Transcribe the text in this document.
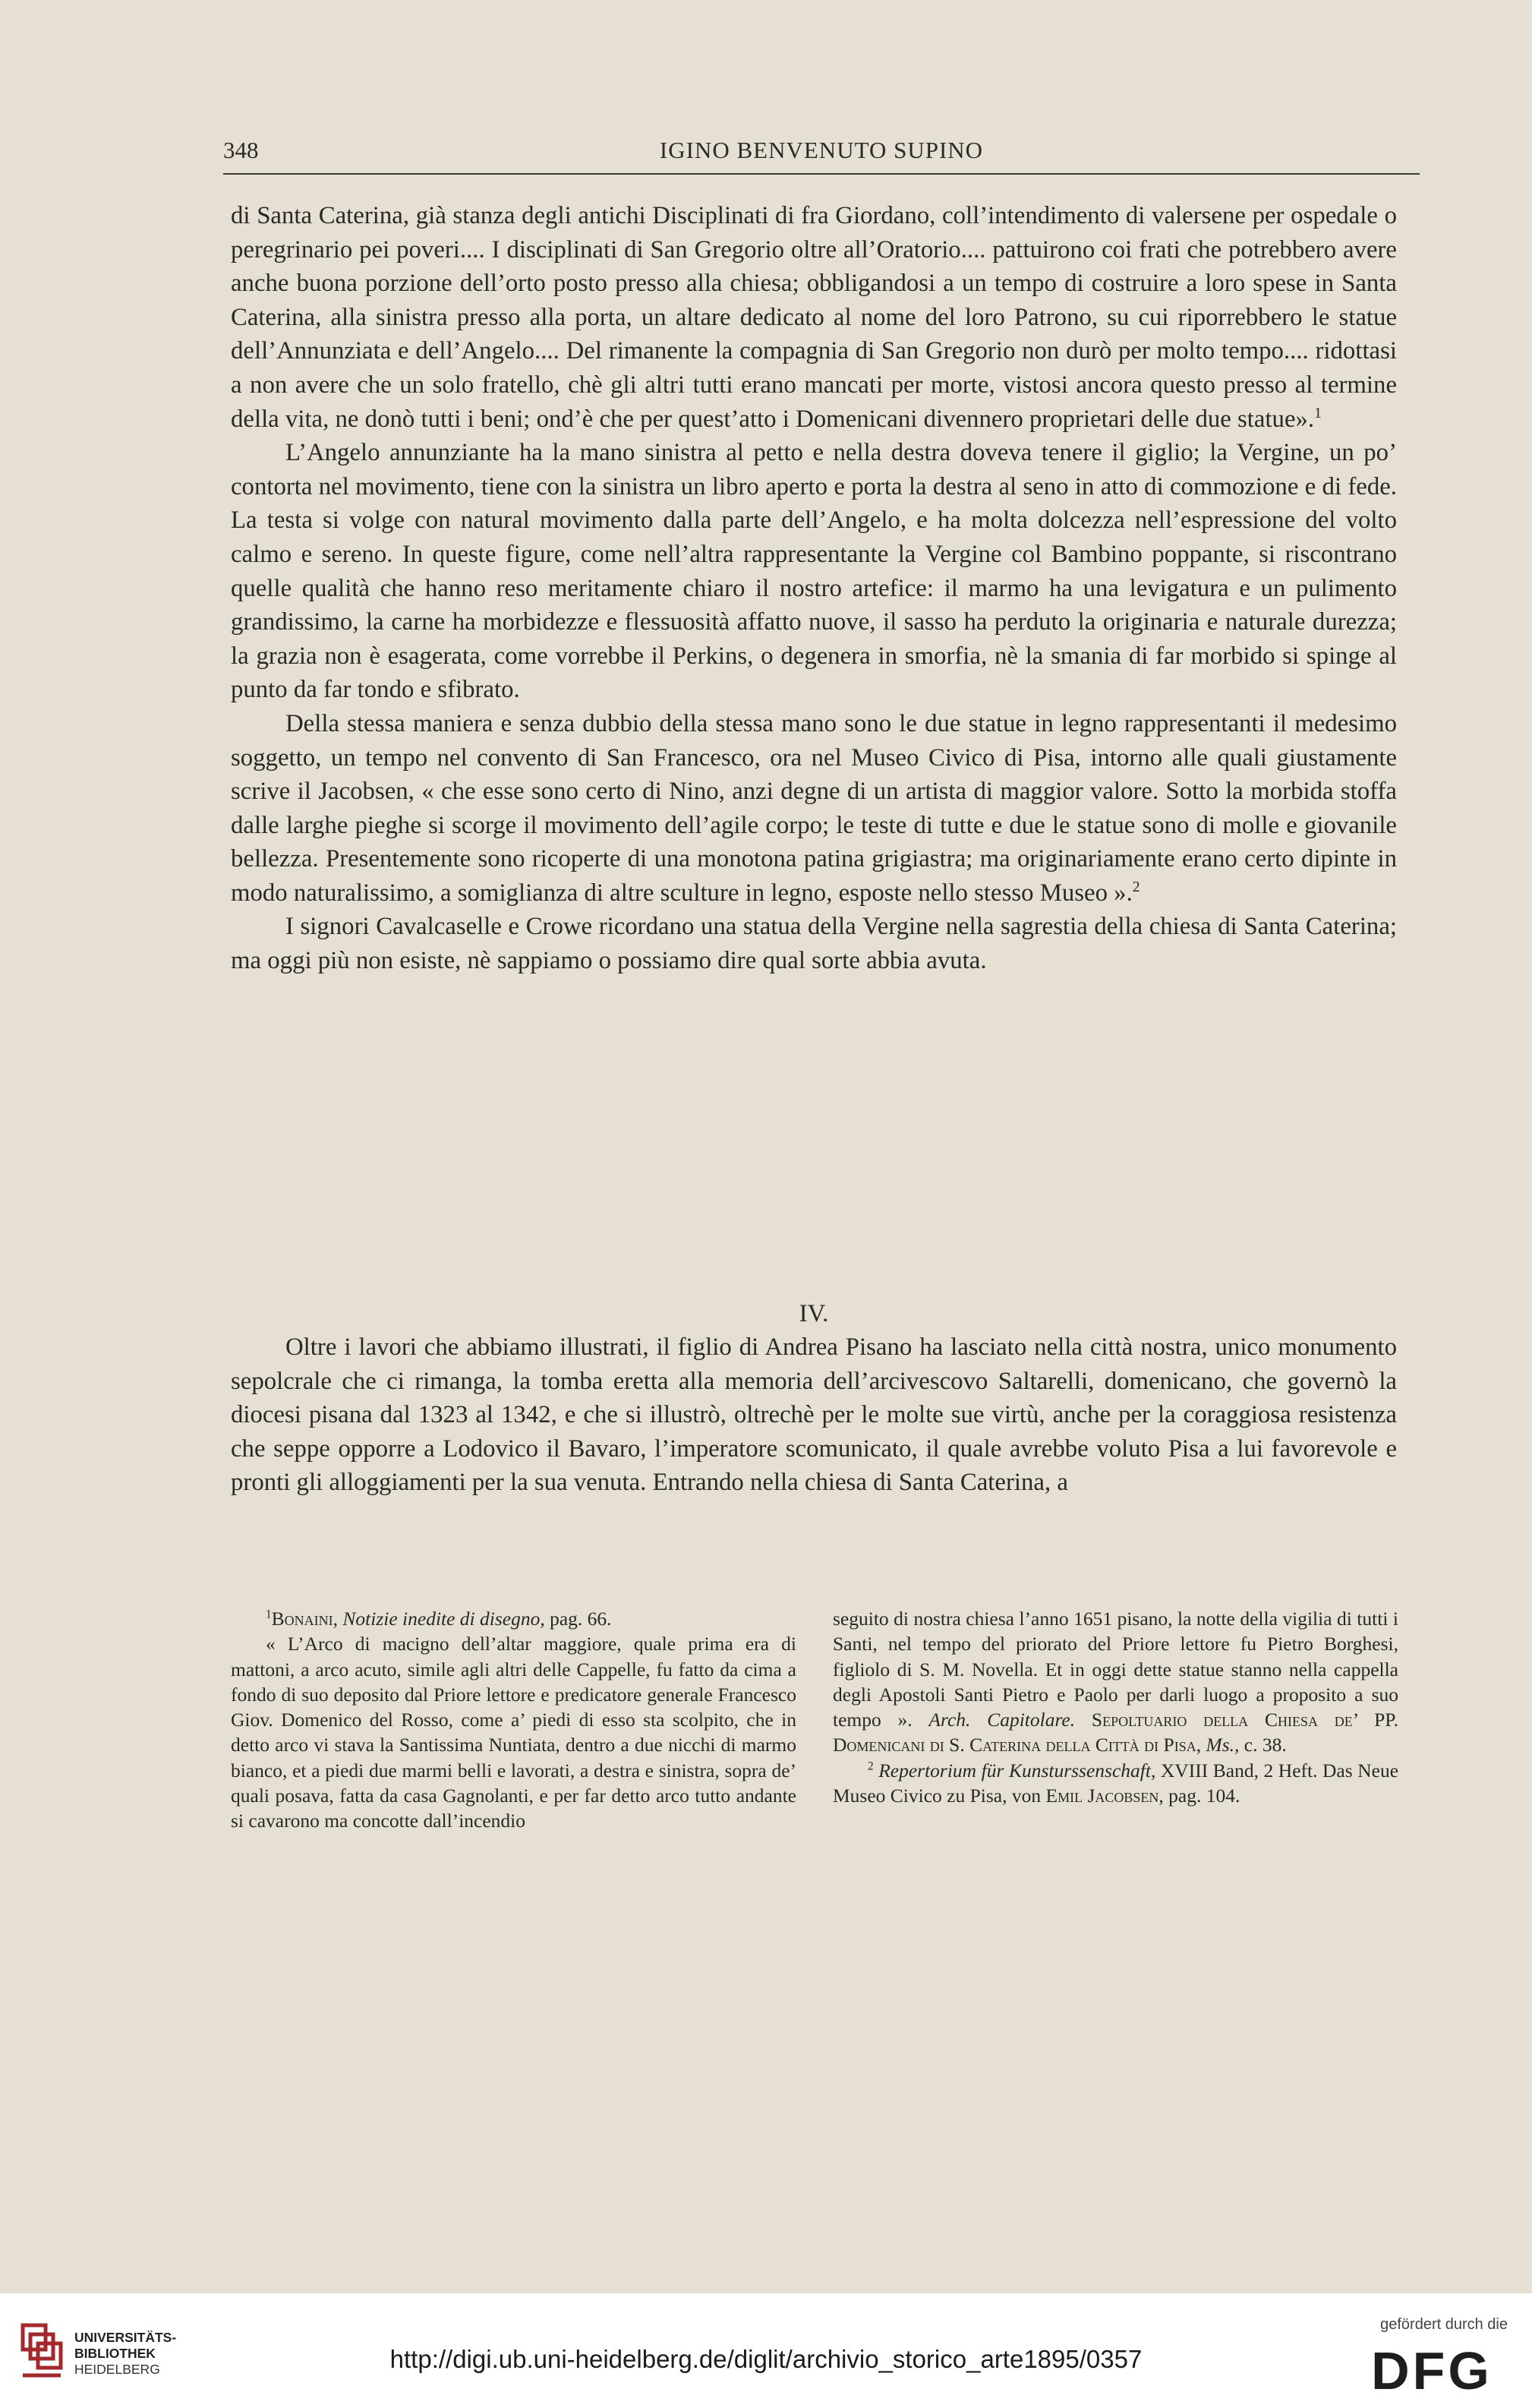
348	IGINO BENVENUTO SUPINO

di Santa Caterina, già stanza degli antichi Disciplinati di fra Giordano, coll’intendimento di valersene per ospedale o peregrinario pei poveri.... I disciplinati di San Gregorio oltre all’Oratorio.... pattuirono coi frati che potrebbero avere anche buona porzione dell’orto posto presso alla chiesa; obbligandosi a un tempo di costruire a loro spese in Santa Caterina, alla sinistra presso alla porta, un altare dedicato al nome del loro Patrono, su cui riporrebbero le statue dell’Annunziata e dell’Angelo.... Del rimanente la compagnia di San Gregorio non durò per molto tempo.... ridottasi a non avere che un solo fratello, chè gli altri tutti erano mancati per morte, vistosi ancora questo presso al termine della vita, ne donò tutti i beni; ond’è che per quest’atto i Domenicani divennero proprietari delle due statue».$^1$

L’Angelo annunziante ha la mano sinistra al petto e nella destra doveva tenere il giglio; la Vergine, un po’ contorta nel movimento, tiene con la sinistra un libro aperto e porta la destra al seno in atto di commozione e di fede. La testa si volge con natural movimento dalla parte dell’Angelo, e ha molta dolcezza nell’espressione del volto calmo e sereno. In queste figure, come nell’altra rappresentante la Vergine col Bambino poppante, si riscontrano quelle qualità che hanno reso meritamente chiaro il nostro artefice: il marmo ha una levigatura e un pulimento grandissimo, la carne ha morbidezze e flessuosità affatto nuove, il sasso ha perduto la originaria e naturale durezza; la grazia non è esagerata, come vorrebbe il Perkins, o degenera in smorfia, nè la smania di far morbido si spinge al punto da far tondo e sfibrato.

Della stessa maniera e senza dubbio della stessa mano sono le due statue in legno rappresentanti il medesimo soggetto, un tempo nel convento di San Francesco, ora nel Museo Civico di Pisa, intorno alle quali giustamente scrive il Jacobsen, « che esse sono certo di Nino, anzi degne di un artista di maggior valore. Sotto la morbida stoffa dalle larghe pieghe si scorge il movimento dell’agile corpo; le teste di tutte e due le statue sono di molle e giovanile bellezza. Presentemente sono ricoperte di una monotona patina grigiastra; ma originariamente erano certo dipinte in modo naturalissimo, a somiglianza di altre sculture in legno, esposte nello stesso Museo ».$^2$

I signori Cavalcaselle e Crowe ricordano una statua della Vergine nella sagrestia della chiesa di Santa Caterina; ma oggi più non esiste, nè sappiamo o possiamo dire qual sorte abbia avuta.

IV.

Oltre i lavori che abbiamo illustrati, il figlio di Andrea Pisano ha lasciato nella città nostra, unico monumento sepolcrale che ci rimanga, la tomba eretta alla memoria dell’arcivescovo Saltarelli, domenicano, che governò la diocesi pisana dal 1323 al 1342, e che si illustrò, oltrechè per le molte sue virtù, anche per la coraggiosa resistenza che seppe opporre a Lodovico il Bavaro, l’imperatore scomunicato, il quale avrebbe voluto Pisa a lui favorevole e pronti gli alloggiamenti per la sua venuta. Entrando nella chiesa di Santa Caterina, a

$^1$Bonaini, Notizie inedite di disegno, pag. 66.

« L’Arco di macigno dell’altar maggiore, quale prima era di mattoni, a arco acuto, simile agli altri delle Cappelle, fu fatto da cima a fondo di suo deposito dal Priore lettore e predicatore generale Francesco Giov. Domenico del Rosso, come a’ piedi di esso sta scolpito, che in detto arco vi stava la Santissima Nuntiata, dentro a due nicchi di marmo bianco, et a piedi due marmi belli e lavorati, a destra e sinistra, sopra de’ quali posava, fatta da casa Gagnolanti, e per far detto arco tutto andante si cavarono ma concotte dall’incendio

seguito di nostra chiesa l’anno 1651 pisano, la notte della vigilia di tutti i Santi, nel tempo del priorato del Priore lettore fu Pietro Borghesi, figliolo di S. M. Novella. Et in oggi dette statue stanno nella cappella degli Apostoli Santi Pietro e Paolo per darli luogo a proposito a suo tempo ». Arch. Capitolare. Sepoltuario della Chiesa de’ PP. Domenicani di S. Caterina della Città di Pisa, Ms., c. 38.

$^2$ Repertorium für Kunsturssenschaft, XVIII Band, 2 Heft. Das Neue Museo Civico zu Pisa, von Emil Jacobsen, pag. 104.

UNIVERSITÄTS-
BIBLIOTHEK
HEIDELBERG	http://digi.ub.uni-heidelberg.de/diglit/archivio_storico_arte1895/0357
gefördert durch die
DFG
